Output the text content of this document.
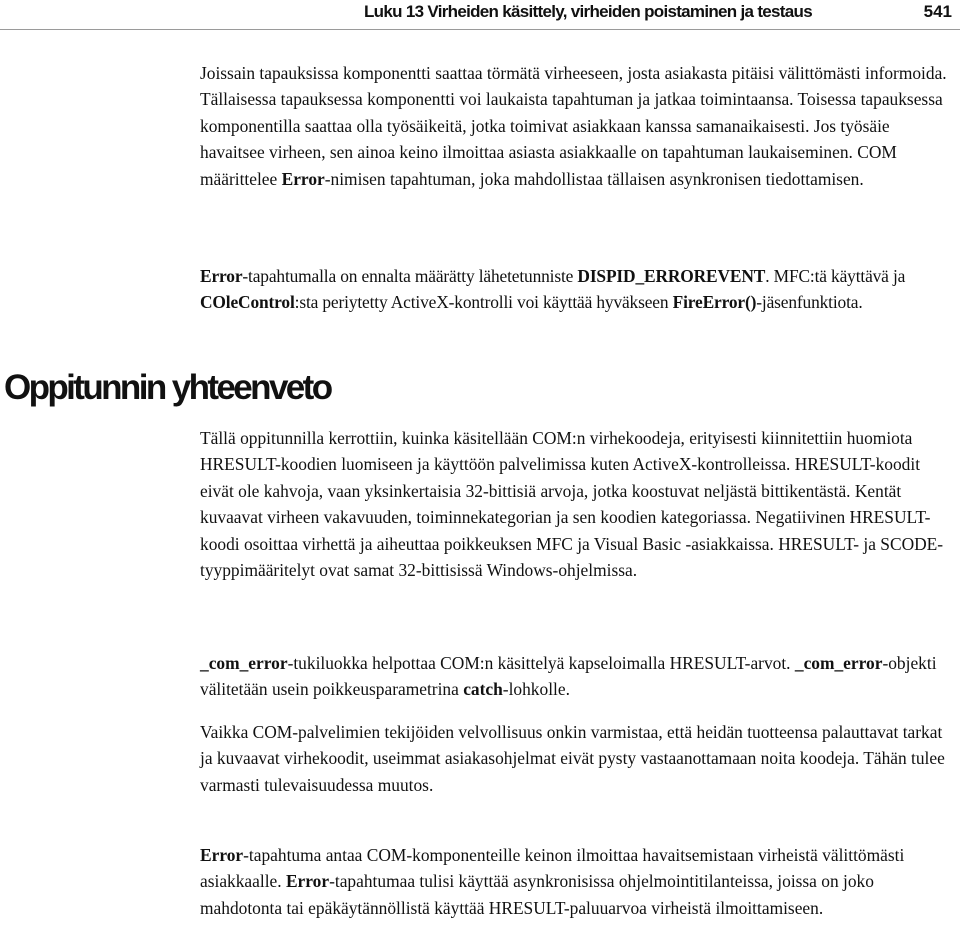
Luku 13 Virheiden käsittely, virheiden poistaminen ja testaus	541

Joissain tapauksissa komponentti saattaa törmätä virheeseen, josta asiakasta pitäisi välittömästi informoida. Tällaisessa tapauksessa komponentti voi laukaista tapahtuman ja jatkaa toimintaansa. Toisessa tapauksessa komponentilla saattaa olla työsäikeitä, jotka toimivat asiakkaan kanssa samanaikaisesti. Jos työsäie havaitsee virheen, sen ainoa keino ilmoittaa asiasta asiakkaalle on tapahtuman laukaiseminen. COM määrittelee Error-nimisen tapahtuman, joka mahdollistaa tällaisen asynkronisen tiedottamisen.

Error-tapahtumalla on ennalta määrätty lähetetunniste DISPID_ERROREVENT. MFC:tä käyttävä ja COleControl:sta periytetty ActiveX-kontrolli voi käyttää hyväkseen FireError()-jäsenfunktiota.

Oppitunnin yhteenveto

Tällä oppitunnilla kerrottiin, kuinka käsitellään COM:n virhekoodeja, erityisesti kiinnitettiin huomiota HRESULT-koodien luomiseen ja käyttöön palvelimissa kuten ActiveX-kontrolleissa. HRESULT-koodit eivät ole kahvoja, vaan yksinkertaisia 32-bittisiä arvoja, jotka koostuvat neljästä bittikentästä. Kentät kuvaavat virheen vakavuuden, toiminnekategorian ja sen koodien kategoriassa. Negatiivinen HRESULT-koodi osoittaa virhettä ja aiheuttaa poikkeuksen MFC ja Visual Basic -asiakkaissa. HRESULT- ja SCODE-tyyppimääritelyt ovat samat 32-bittisissä Windows-ohjelmissa.

_com_error-tukiluokka helpottaa COM:n käsittelyä kapseloimalla HRESULT-arvot. _com_error-objekti välitetään usein poikkeusparametrina catch-lohkolle.

Vaikka COM-palvelimien tekijöiden velvollisuus onkin varmistaa, että heidän tuotteensa palauttavat tarkat ja kuvaavat virhekoodit, useimmat asiakasohjelmat eivät pysty vastaanottamaan noita koodeja. Tähän tulee varmasti tulevaisuudessa muutos.

Error-tapahtuma antaa COM-komponenteille keinon ilmoittaa havaitsemistaan virheistä välittömästi asiakkaalle. Error-tapahtumaa tulisi käyttää asynkronisissa ohjelmointitilanteissa, joissa on joko mahdotonta tai epäkäytännöllistä käyttää HRESULT-paluuarvoa virheistä ilmoittamiseen.
